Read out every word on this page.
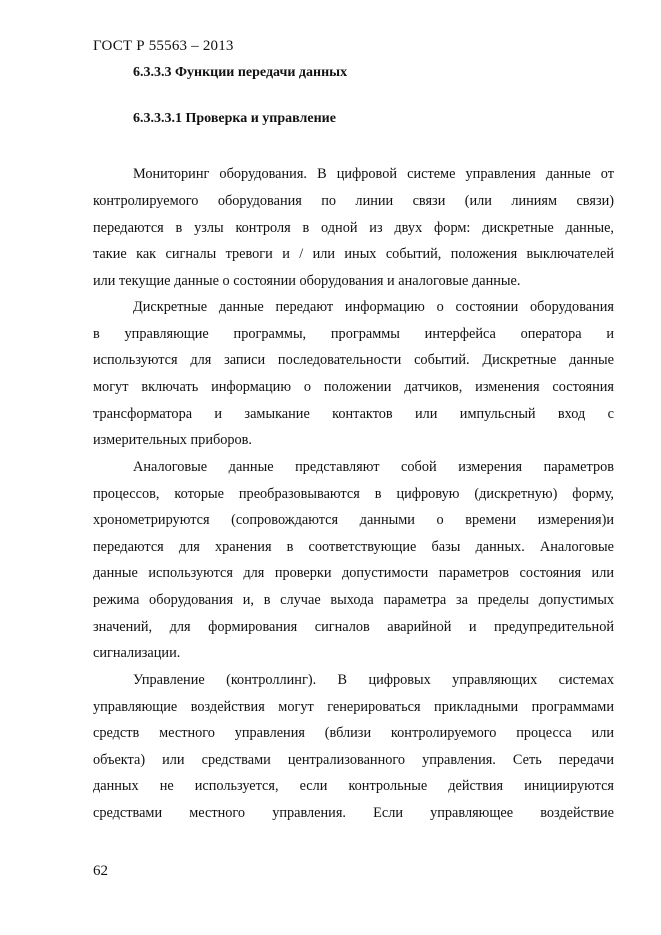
ГОСТ Р 55563 – 2013
6.3.3.3 Функции передачи данных
6.3.3.3.1 Проверка и управление
Мониторинг оборудования. В цифровой системе управления данные от
контролируемого оборудования по линии связи (или линиям связи)
передаются в узлы контроля в одной из двух форм: дискретные данные,
такие как сигналы тревоги и / или иных событий, положения выключателей
или текущие данные о состоянии оборудования и аналоговые данные.
Дискретные данные передают информацию о состоянии оборудования
в управляющие программы, программы интерфейса оператора и
используются для записи последовательности событий. Дискретные данные
могут включать информацию о положении датчиков, изменения состояния
трансформатора и замыкание контактов или импульсный вход с
измерительных приборов.
Аналоговые данные представляют собой измерения параметров
процессов, которые преобразовываются в цифровую (дискретную) форму,
хронометрируются (сопровождаются данными о времени измерения)и
передаются для хранения в соответствующие базы данных. Аналоговые
данные используются для проверки допустимости параметров состояния или
режима оборудования и, в случае выхода параметра за пределы допустимых
значений, для формирования сигналов аварийной и предупредительной
сигнализации.
Управление (контроллинг). В цифровых управляющих системах
управляющие воздействия могут генерироваться прикладными программами
средств местного управления (вблизи контролируемого процесса или
объекта) или средствами централизованного управления. Сеть передачи
данных не используется, если контрольные действия инициируются
средствами местного управления. Если управляющее воздействие
62
